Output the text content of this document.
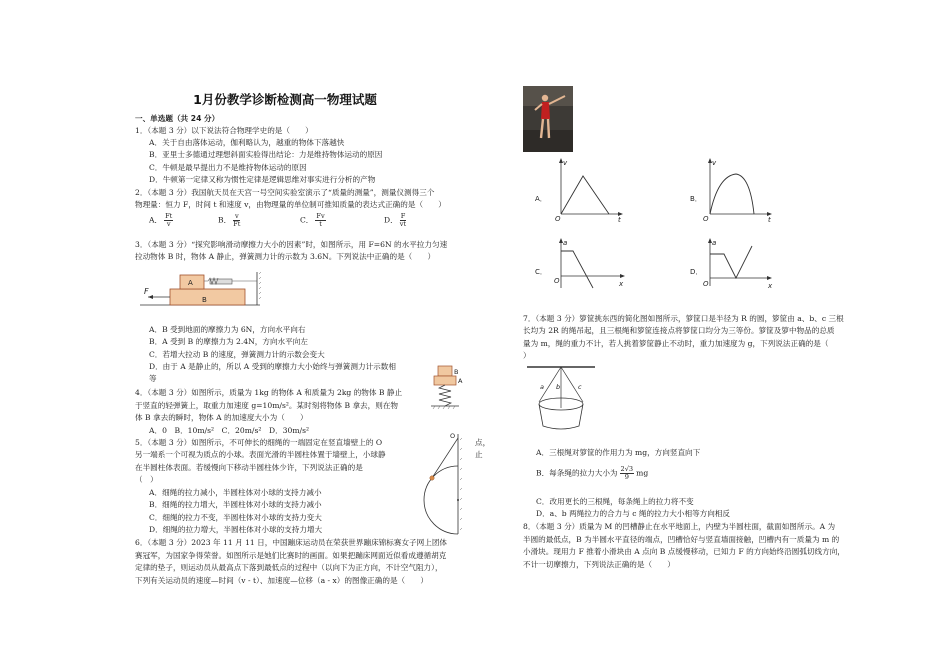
1月份教学诊断检测高一物理试题
一、单选题（共 24 分）
1．（本题 3 分）以下说法符合物理学史的是（　　）
A．关于自由落体运动，伽利略认为，越重的物体下落越快
B．亚里士多德通过理想斜面实验得出结论：力是维持物体运动的原因
C．牛顿是最早提出力不是维持物体运动的原因
D．牛顿第一定律又称为惯性定律是逻辑思维对事实进行分析的产物
2．（本题 3 分）我国航天员在天宫一号空间实验室演示了“质量的测量”，测量仪测得三个
物理量：恒力 F，时间 t 和速度 v，由物理量的单位制可推知质量的表达式正确的是（　　）
A． $\frac{Ft}{v}$	B． $\frac{v}{Ft}$	C． $\frac{Fv}{t}$	D． $\frac{F}{vt}$
3．（本题 3 分）“探究影响滑动摩擦力大小的因素”时，如图所示，用 F=6N 的水平拉力匀速
拉动物体 B 时，物体 A 静止，弹簧测力计的示数为 3.6N。下列说法中正确的是（　　）
A
B
F
A．B 受到地面的摩擦力为 6N，方向水平向右
B．A 受到 B 的摩擦力为 2.4N，方向水平向左
C．若增大拉动 B 的速度，弹簧测力计的示数会变大
D．由于 A 是静止的，所以 A 受到的摩擦力大小始终与弹簧测力计示数相
等
4．（本题 3 分）如图所示，质量为 1kg 的物体 A 和质量为 2kg 的物体 B 静止
于竖直的轻弹簧上，取重力加速度 g=10m/s²。某时刻将物体 B 拿去，则在物
体 B 拿去的瞬时，物体 A 的加速度大小为（　　）
A．0　B．10m/s²　C．20m/s²　D．30m/s²
B
A
5．（本题 3 分）如图所示，不可伸长的细绳的一端固定在竖直墙壁上的 O	点，
另一端系一个可视为质点的小球。表面光滑的半圆柱体置于墙壁上，小球静	止
在半圆柱体表面。若缓慢向下移动半圆柱体少许，下列说法正确的是
（　）
A．细绳的拉力减小，半圆柱体对小球的支持力减小
B．细绳的拉力增大，半圆柱体对小球的支持力减小
C．细绳的拉力不变，半圆柱体对小球的支持力变大
D．细绳的拉力增大，半圆柱体对小球的支持力增大
O
6．（本题 3 分）2023 年 11 月 11 日，中国蹦床运动员在荣获世界蹦床锦标赛女子网上团体
赛冠军，为国家争得荣誉。如图所示是她们比赛时的画面。如果把蹦床网面近似看成遵循胡克
定律的垫子，则运动员从最高点下落到最低点的过程中（以向下为正方向，不计空气阻力），
下列有关运动员的速度—时间（v - t）、加速度—位移（a - x）的图像正确的是（　　）
A．
v
O	t
B．
v
O	t
C．
a
O	x
D．
a
O	x
7．（本题 3 分）箩筐挑东西的简化图如图所示，箩筐口是半径为 R 的圆，箩筐由 a、b、c 三根
长均为 2R 的绳吊起，且三根绳和箩筐连接点将箩筐口均分为三等份。箩筐及箩中物品的总质
量为 m，绳的重力不计，若人挑着箩筐静止不动时，重力加速度为 g，下列说法正确的是（
）
a b	c
A．三根绳对箩筐的作用力为 mg，方向竖直向下
B．每条绳的拉力大小为 $\frac{2√3}{9}$ mg
C．改用更长的三根绳，每条绳上的拉力将不变
D．a、b 两绳拉力的合力与 c 绳的拉力大小相等方向相反
8．（本题 3 分）质量为 M 的凹槽静止在水平地面上，内壁为半圆柱面，截面如图所示。A 为
半圆的最低点，B 为半圆水平直径的端点，凹槽恰好与竖直墙面接触，凹槽内有一质量为 m 的
小滑块。现用力 F 推着小滑块由 A 点向 B 点缓慢移动，已知力 F 的方向始终沿圆弧切线方向，
不计一切摩擦力，下列说法正确的是（　　）
